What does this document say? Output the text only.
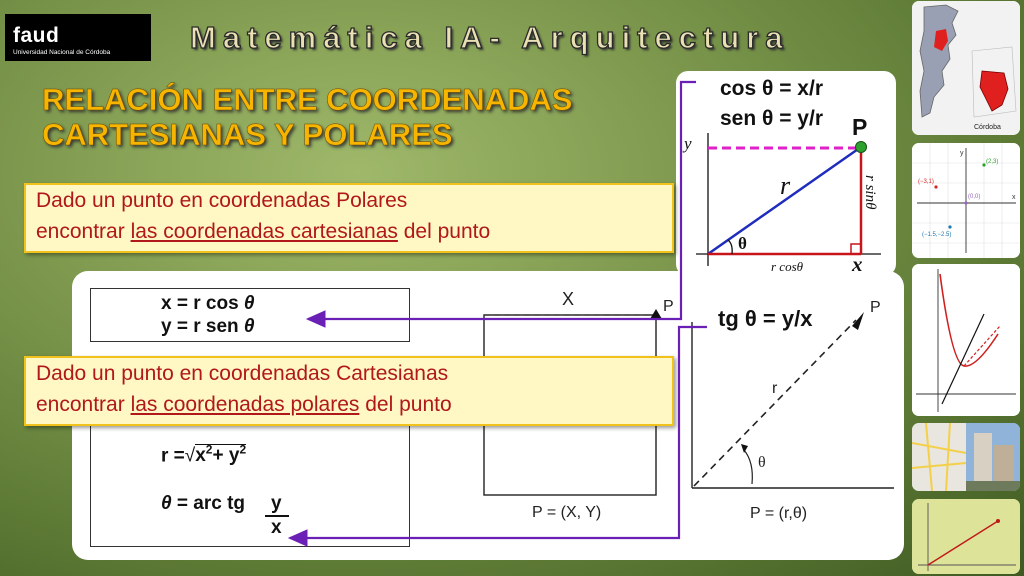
faud
Universidad Nacional de Córdoba	Matemática IA- Arquitectura
RELACIÓN ENTRE COORDENADAS
CARTESIANAS Y POLARES
x = r cos θ
y = r sen θ
$r =√x^2+ y^2$
θ = arc tg y
x
X	P
P = (X, Y)
P
r
θ
P = (r,θ)
tg θ = y/x
cos θ = x/r
sen θ = y/r
y
x
θ
P
r
r cosθ
r sinθ
Dado un punto en coordenadas Polares
encontrar las coordenadas cartesianas del punto
Dado un punto en coordenadas Cartesianas
encontrar las coordenadas polares del punto
Córdoba
y
x
(2,3)
(−3,1)
(0,0)
(−1.5,−2.5)
